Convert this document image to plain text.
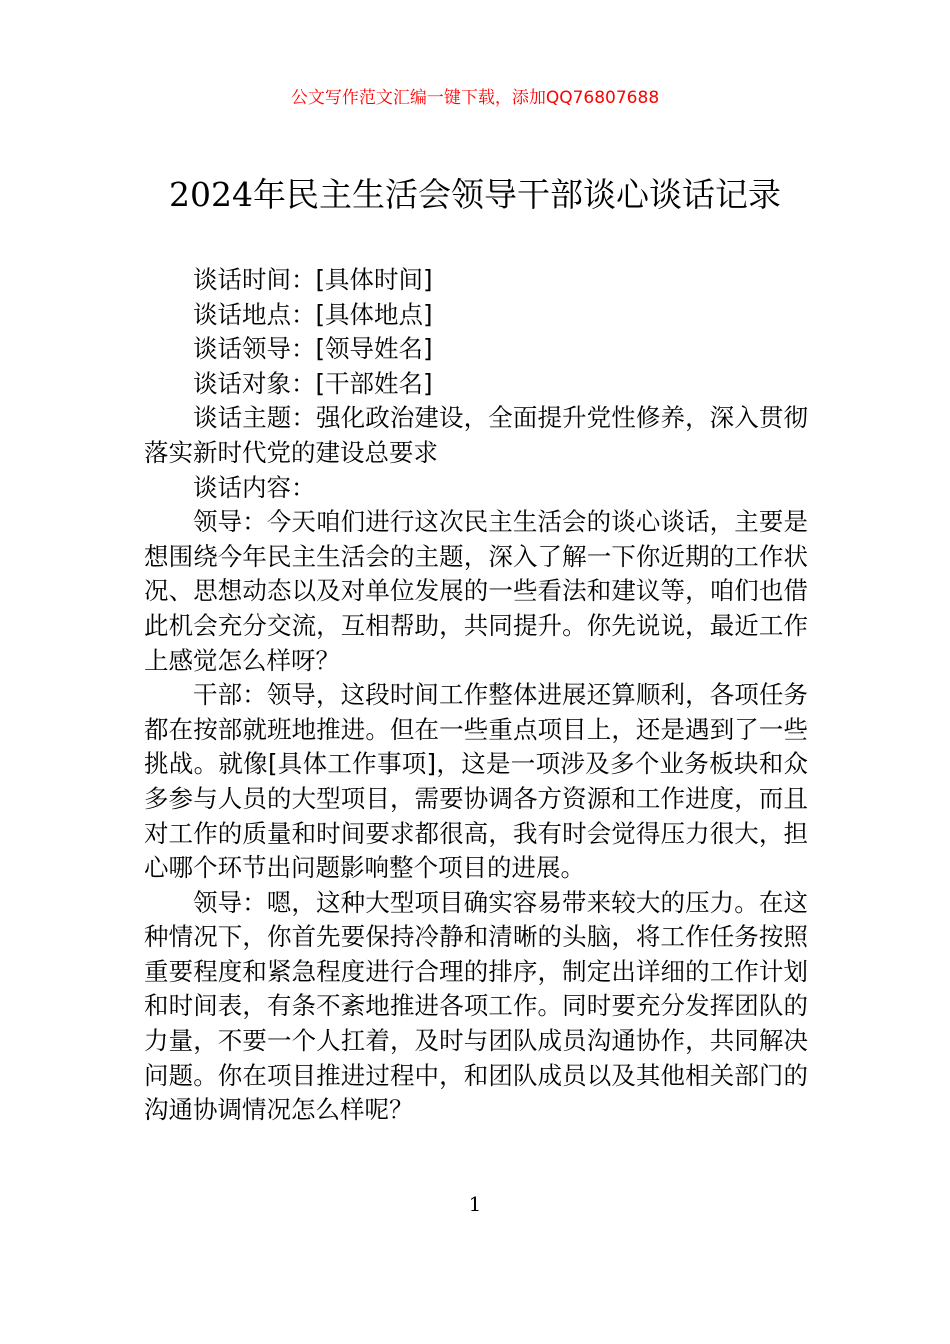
公文写作范文汇编一键下载，添加QQ76807688
2024年民主生活会领导干部谈心谈话记录

谈话时间：[具体时间]

谈话地点：[具体地点]

谈话领导：[领导姓名]

谈话对象：[干部姓名]

谈话主题：强化政治建设，全面提升党性修养，深入贯彻落实新时代党的建设总要求

谈话内容：

领导：今天咱们进行这次民主生活会的谈心谈话，主要是想围绕今年民主生活会的主题，深入了解一下你近期的工作状况、思想动态以及对单位发展的一些看法和建议等，咱们也借此机会充分交流，互相帮助，共同提升。你先说说，最近工作上感觉怎么样呀？

干部：领导，这段时间工作整体进展还算顺利，各项任务都在按部就班地推进。但在一些重点项目上，还是遇到了一些挑战。就像[具体工作事项]，这是一项涉及多个业务板块和众多参与人员的大型项目，需要协调各方资源和工作进度，而且对工作的质量和时间要求都很高，我有时会觉得压力很大，担心哪个环节出问题影响整个项目的进展。

领导：嗯，这种大型项目确实容易带来较大的压力。在这种情况下，你首先要保持冷静和清晰的头脑，将工作任务按照重要程度和紧急程度进行合理的排序，制定出详细的工作计划和时间表，有条不紊地推进各项工作。同时要充分发挥团队的力量，不要一个人扛着，及时与团队成员沟通协作，共同解决问题。你在项目推进过程中，和团队成员以及其他相关部门的沟通协调情况怎么样呢？

1
